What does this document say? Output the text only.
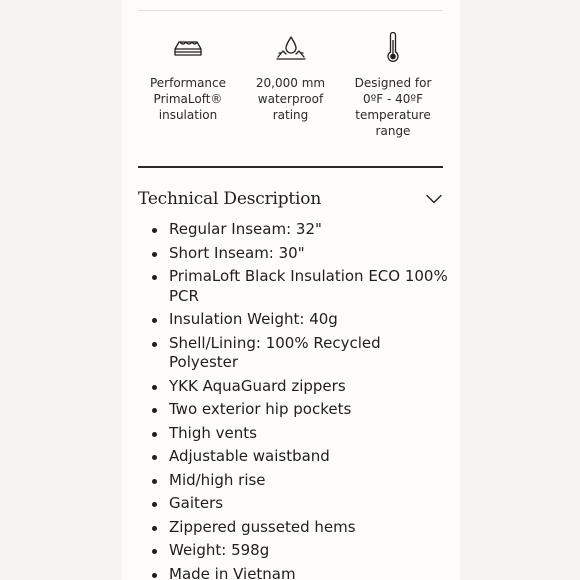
Performance
PrimaLoft®
insulation
20,000 mm
waterproof
rating
Designed for
0ºF - 40ºF
temperature
range
Technical Description
Regular Inseam: 32"
Short Inseam: 30"
PrimaLoft Black Insulation ECO 100% PCR
Insulation Weight: 40g
Shell/Lining: 100% Recycled Polyester
YKK AquaGuard zippers
Two exterior hip pockets
Thigh vents
Adjustable waistband
Mid/high rise
Gaiters
Zippered gusseted hems
Weight: 598g
Made in Vietnam
